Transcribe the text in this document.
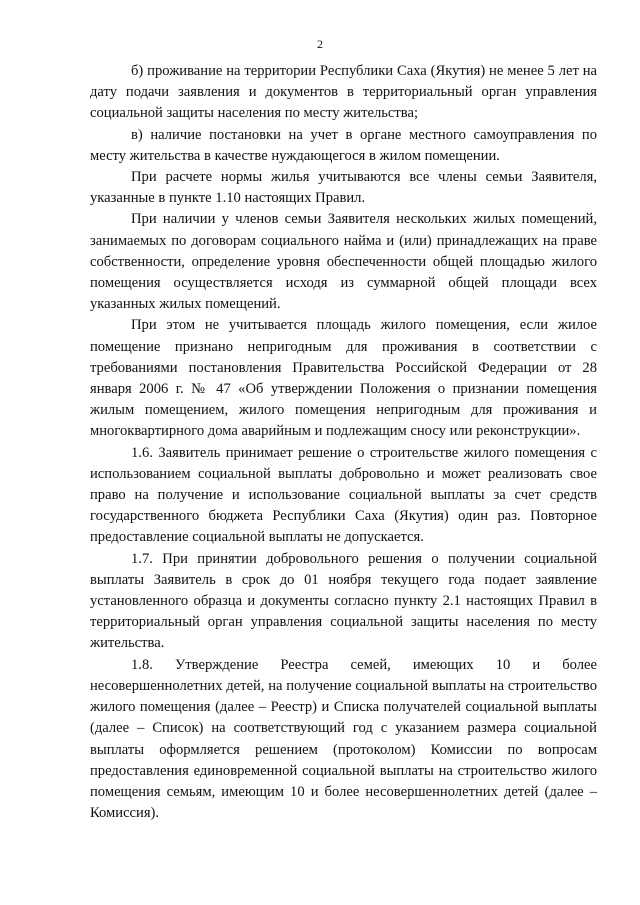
2

б) проживание на территории Республики Саха (Якутия) не менее 5 лет на дату подачи заявления и документов в территориальный орган управления социальной защиты населения по месту жительства;

в) наличие постановки на учет в органе местного самоуправления по месту жительства в качестве нуждающегося в жилом помещении.

При расчете нормы жилья учитываются все члены семьи Заявителя, указанные в пункте 1.10 настоящих Правил.

При наличии у членов семьи Заявителя нескольких жилых помещений, занимаемых по договорам социального найма и (или) принадлежащих на праве собственности, определение уровня обеспеченности общей площадью жилого помещения осуществляется исходя из суммарной общей площади всех указанных жилых помещений.

При этом не учитывается площадь жилого помещения, если жилое помещение признано непригодным для проживания в соответствии с требованиями постановления Правительства Российской Федерации от 28 января 2006 г. № 47 «Об утверждении Положения о признании помещения жилым помещением, жилого помещения непригодным для проживания и многоквартирного дома аварийным и подлежащим сносу или реконструкции».

1.6. Заявитель принимает решение о строительстве жилого помещения с использованием социальной выплаты добровольно и может реализовать свое право на получение и использование социальной выплаты за счет средств государственного бюджета Республики Саха (Якутия) один раз. Повторное предоставление социальной выплаты не допускается.

1.7. При принятии добровольного решения о получении социальной выплаты Заявитель в срок до 01 ноября текущего года подает заявление установленного образца и документы согласно пункту 2.1 настоящих Правил в территориальный орган управления социальной защиты населения по месту жительства.

1.8. Утверждение Реестра семей, имеющих 10 и более несовершеннолетних детей, на получение социальной выплаты на строительство жилого помещения (далее – Реестр) и Списка получателей социальной выплаты (далее – Список) на соответствующий год с указанием размера социальной выплаты оформляется решением (протоколом) Комиссии по вопросам предоставления единовременной социальной выплаты на строительство жилого помещения семьям, имеющим 10 и более несовершеннолетних детей (далее – Комиссия).
